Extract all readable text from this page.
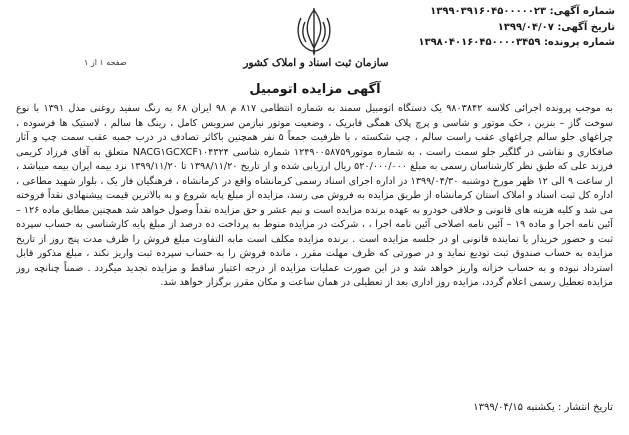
شماره آگهی: ۱۳۹۹۰۳۹۱۶۰۴۵۰۰۰۰۰۲۳
تاریخ آگهی: ۱۳۹۹/۰۴/۰۷
شماره پرونده: ۱۳۹۸۰۴۰۱۶۰۴۵۰۰۰۰۳۴۵۹
سازمان ثبت اسناد و املاک کشور
صفحه ۱ از ۱
آگهی مزایده اتومبیل
به موجب پرونده اجرائی کلاسه ۹۸۰۳۸۴۲ یک دستگاه اتومبیل سمند به شماره انتظامی ۸۱۷ م ۹۸ ایران ۶۸ به رنگ سفید روغنی مدل ۱۳۹۱ با نوع سوخت گاز – بنزین ، حک موتور و شاسی و پرچ پلاک همگی فابریک ، وضعیت موتور نیازمن سرویس کامل ، رینگ ها سالم ، لاستیک ها فرسوده ، چراغهای جلو سالم چراغهای عقب راست سالم ، چپ شکسته ، با ظرفیت جمعاً ۵ نفر همچنین باکاثر تصادف در درب جمبه عقب سمت چپ و آثار صافکاری و نقاشی در گلگیر جلو سمت راست ، به شماره موتور۱۲۴۹۰۰۵۸۷۵۹ شماره شاسی NACG۱GCXCF۱۰۴۳۲۴ متعلق به آقای فرزاد کریمی فرزند علی که طبق نظر کارشناسان رسمی به مبلغ ۵۲۰/۰۰۰/۰۰۰ ریال ارزیابی شده و از تاریخ ۱۳۹۸/۱۱/۲۰ تا ۱۳۹۹/۱۱/۲۰ نزد بیمه ایران بیمه میباشد ، از ساعت ۹ الی ۱۲ ظهر مورخ دوشنبه ۱۳۹۹/۰۴/۳۰ در اداره اجرای اسناد رسمی کرمانشاه واقع در کرمانشاه ، فرهنگیان فاز یک ، بلوار شهید مطاعی ، اداره کل ثبت اسناد و املاک استان کرمانشاه از طریق مزایده به فروش می رسد، مزایده از مبلغ پایه شروع و به بالاترین قیمت پیشنهادی نقداً فروخته می شد و کلیه هزینه های قانونی و خلافی خودرو به عهده برنده مزایده است و نیم عشر و حق مزایده نقداً وصول خواهد شد همچنین مطابق ماده ۱۲۶ – آئین نامه اجرا و ماده ۱۹ – آئین نامه اصلاحی آئین نامه اجرا ، ، شرکت در مزایده منوط به پرداخت ده درصد از مبلغ پایه کارشناسی به حساب سپرده ثبت و حضور خریدار یا نماینده قانونی او در جلسه مزایده است . برنده مزایده مکلف است مابه التفاوت مبلغ فروش را ظرف مدت پنج روز از تاریخ مزایده به حساب صندوق ثبت تودیع نماید و در صورتی که ظرف مهلت مقرر ، مانده فروش را به حساب سپرده ثبت واریز نکند ، مبلغ مذکور قابل استرداد نبوده و به حساب خزانه واریز خواهد شد و در این صورت عملیات مزایده از درجه اعتبار ساقط و مزایده تجدید میگردد . ضمناً چنانچه روز مزایده تعطیل رسمی اعلام گردد، مزایده روز اداری بعد از تعطیلی در همان ساعت و مکان مقرر برگزار خواهد شد.
تاریخ انتشار : یکشنبه ۱۳۹۹/۰۴/۱۵
